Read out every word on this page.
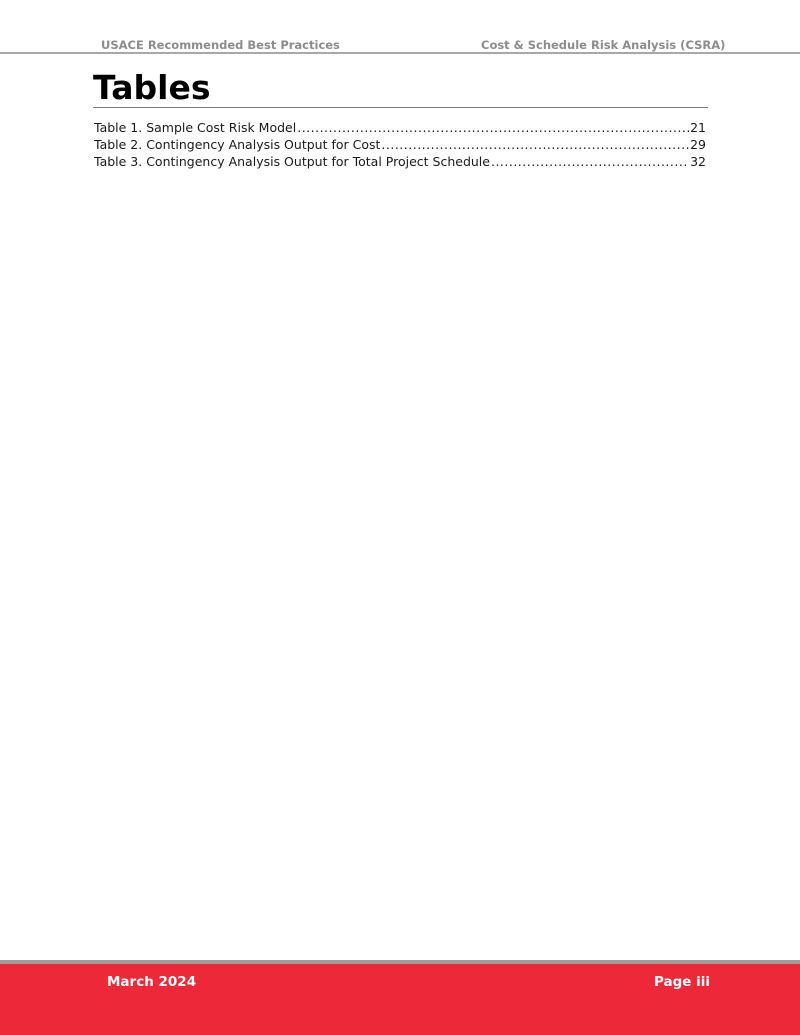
USACE Recommended Best Practices	Cost & Schedule Risk Analysis (CSRA)
Tables
Table 1. Sample Cost Risk Model .....	21
Table 2. Contingency Analysis Output for Cost .....	29
Table 3. Contingency Analysis Output for Total Project Schedule .....	32
March 2024	Page iii
